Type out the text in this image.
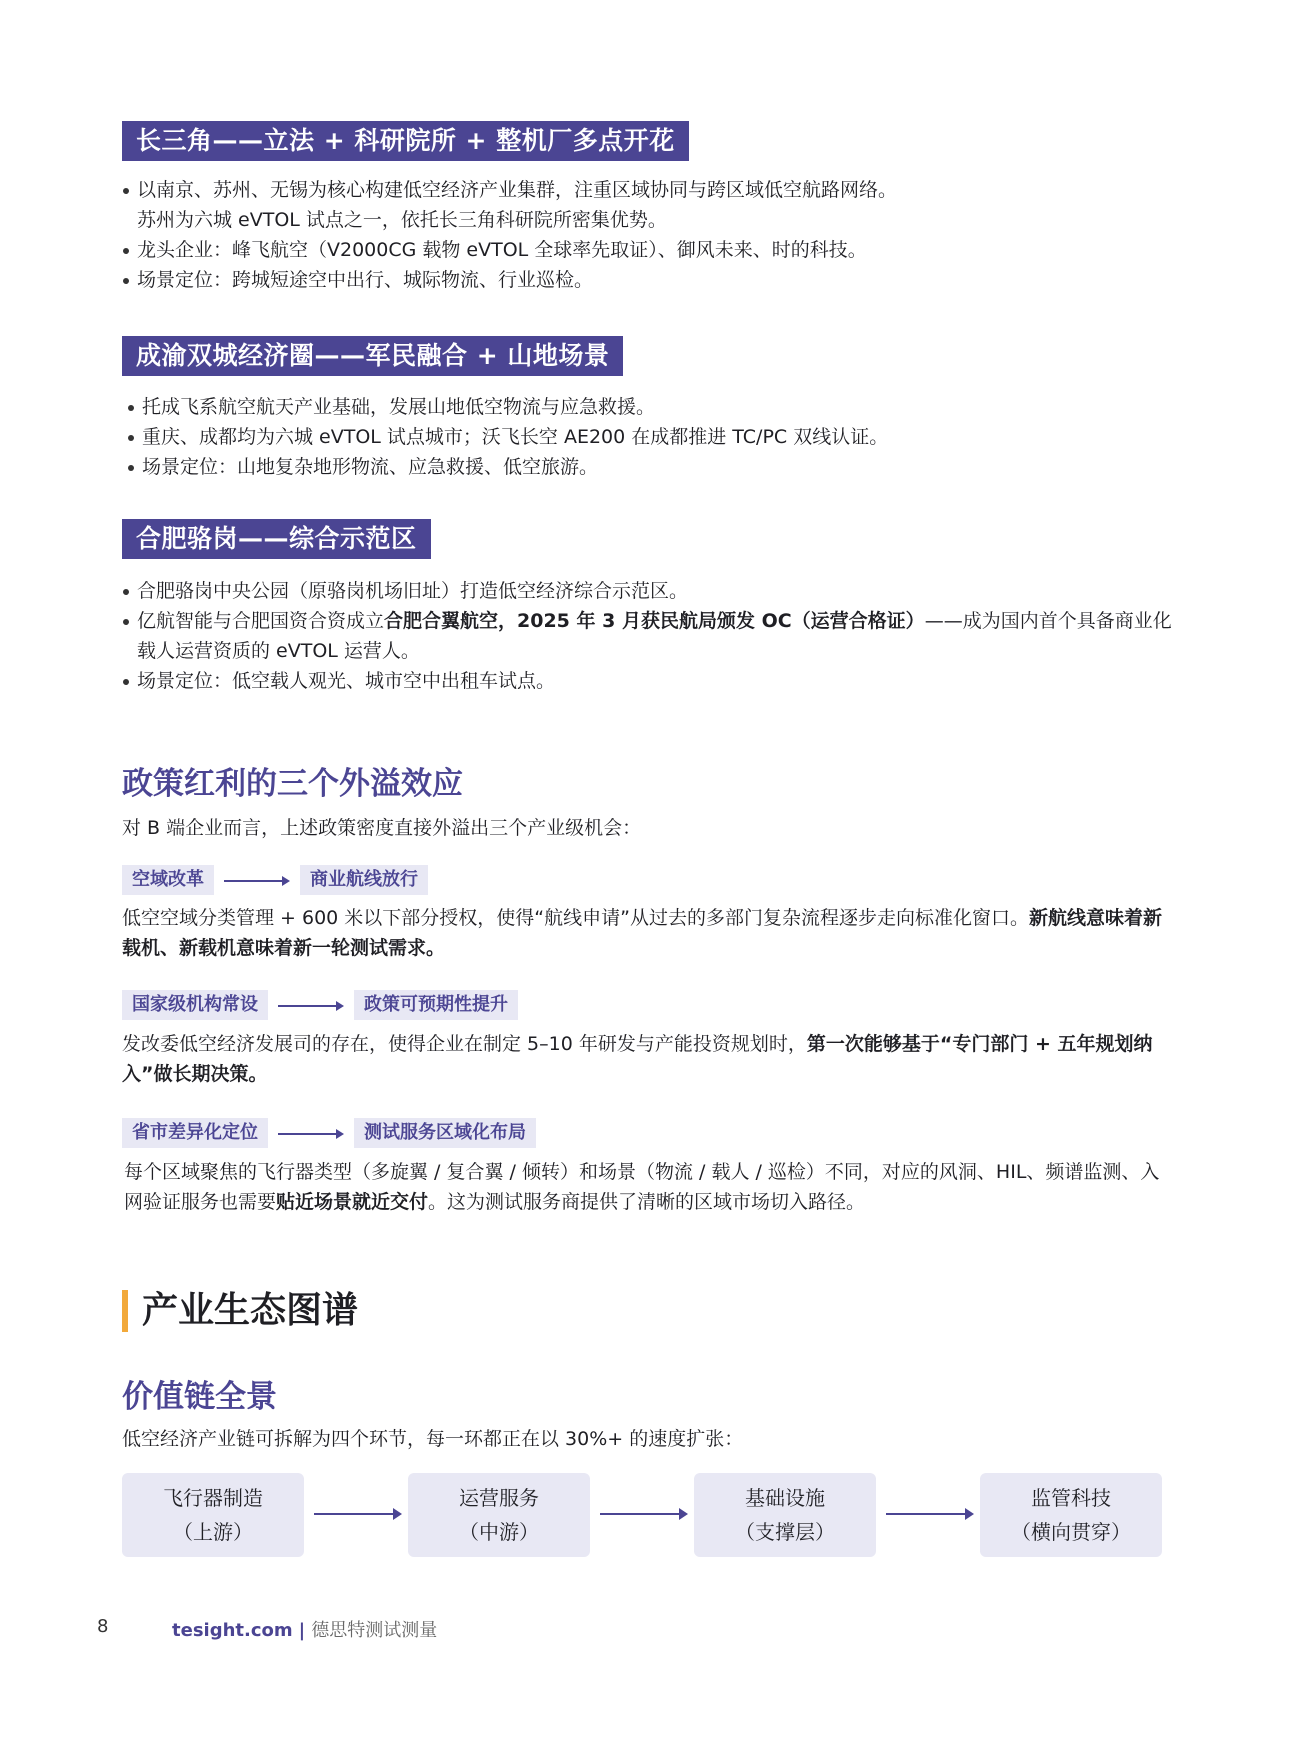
长三角——立法 + 科研院所 + 整机厂多点开花
以南京、苏州、无锡为核心构建低空经济产业集群，注重区域协同与跨区域低空航路网络。
苏州为六城 eVTOL 试点之一，依托长三角科研院所密集优势。
龙头企业：峰飞航空（V2000CG 载物 eVTOL 全球率先取证）、御风未来、时的科技。
场景定位：跨城短途空中出行、城际物流、行业巡检。
成渝双城经济圈——军民融合 + 山地场景
托成飞系航空航天产业基础，发展山地低空物流与应急救援。
重庆、成都均为六城 eVTOL 试点城市；沃飞长空 AE200 在成都推进 TC/PC 双线认证。
场景定位：山地复杂地形物流、应急救援、低空旅游。
合肥骆岗——综合示范区
合肥骆岗中央公园（原骆岗机场旧址）打造低空经济综合示范区。
亿航智能与合肥国资合资成立合肥合翼航空，2025 年 3 月获民航局颁发 OC（运营合格证）——成为国内首个具备商业化
载人运营资质的 eVTOL 运营人。
场景定位：低空载人观光、城市空中出租车试点。
政策红利的三个外溢效应

对 B 端企业而言，上述政策密度直接外溢出三个产业级机会：

空域改革	商业航线放行

低空空域分类管理 + 600 米以下部分授权，使得“航线申请”从过去的多部门复杂流程逐步走向标准化窗口。新航线意味着新载机、新载机意味着新一轮测试需求。

国家级机构常设	政策可预期性提升

发改委低空经济发展司的存在，使得企业在制定 5–10 年研发与产能投资规划时，第一次能够基于“专门部门 + 五年规划纳入”做长期决策。

省市差异化定位	测试服务区域化布局

每个区域聚焦的飞行器类型（多旋翼 / 复合翼 / 倾转）和场景（物流 / 载人 / 巡检）不同，对应的风洞、HIL、频谱监测、入网验证服务也需要贴近场景就近交付。这为测试服务商提供了清晰的区域市场切入路径。

产业生态图谱
价值链全景

低空经济产业链可拆解为四个环节，每一环都正在以 30%+ 的速度扩张：

飞行器制造
（上游）
运营服务
（中游）
基础设施
（支撑层）
监管科技
（横向贯穿）
8	tesight.com | 德思特测试测量
